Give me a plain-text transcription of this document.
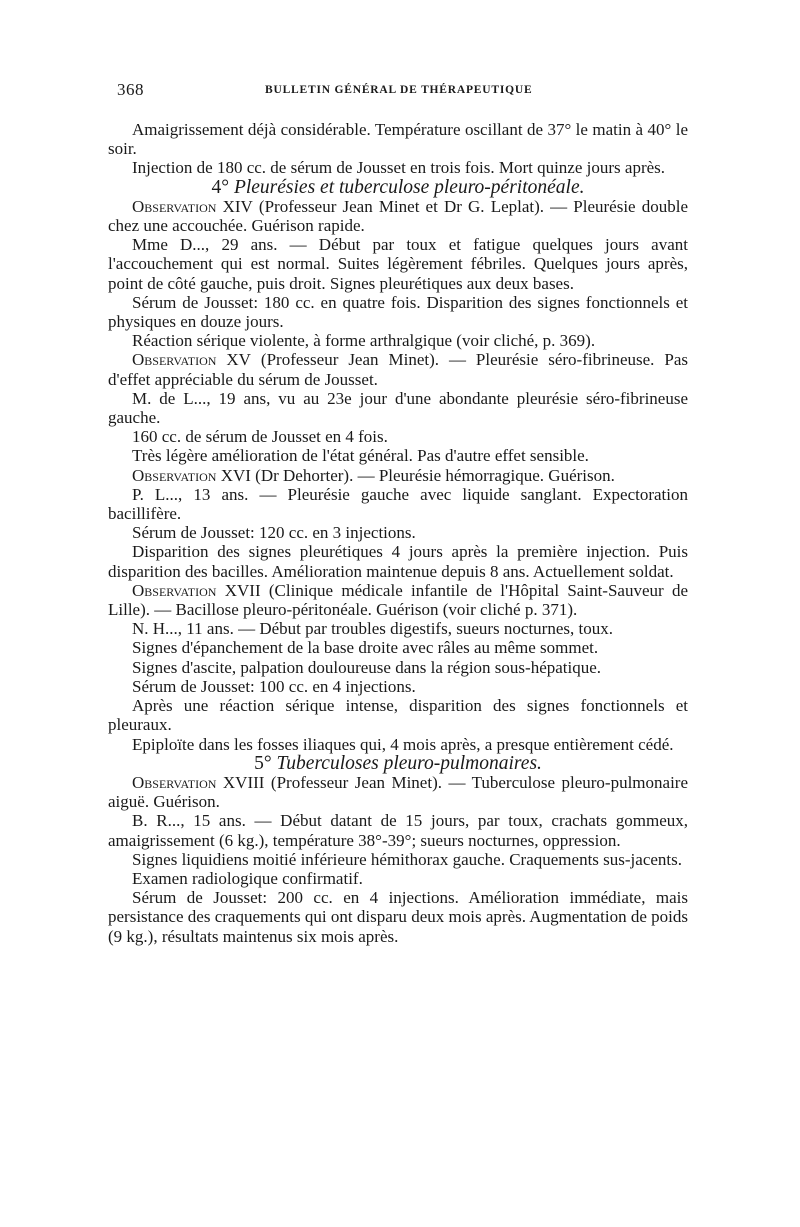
368	BULLETIN GÉNÉRAL DE THÉRAPEUTIQUE

Amaigrissement déjà considérable. Température oscillant de 37° le matin à 40° le soir.

Injection de 180 cc. de sérum de Jousset en trois fois. Mort quinze jours après.

4° Pleurésies et tuberculose pleuro-péritonéale.

Observation XIV (Professeur Jean Minet et Dr G. Leplat). — Pleurésie double chez une accouchée. Guérison rapide.

Mme D..., 29 ans. — Début par toux et fatigue quelques jours avant l'accouchement qui est normal. Suites légèrement fébriles. Quelques jours après, point de côté gauche, puis droit. Signes pleurétiques aux deux bases.

Sérum de Jousset: 180 cc. en quatre fois. Disparition des signes fonctionnels et physiques en douze jours.

Réaction sérique violente, à forme arthralgique (voir cliché, p. 369).

Observation XV (Professeur Jean Minet). — Pleurésie séro-fibrineuse. Pas d'effet appréciable du sérum de Jousset.

M. de L..., 19 ans, vu au 23e jour d'une abondante pleurésie séro-fibrineuse gauche.

160 cc. de sérum de Jousset en 4 fois.

Très légère amélioration de l'état général. Pas d'autre effet sensible.

Observation XVI (Dr Dehorter). — Pleurésie hémorragique. Guérison.

P. L..., 13 ans. — Pleurésie gauche avec liquide sanglant. Expectoration bacillifère.

Sérum de Jousset: 120 cc. en 3 injections.

Disparition des signes pleurétiques 4 jours après la première injection. Puis disparition des bacilles. Amélioration maintenue depuis 8 ans. Actuellement soldat.

Observation XVII (Clinique médicale infantile de l'Hôpital Saint-Sauveur de Lille). — Bacillose pleuro-péritonéale. Guérison (voir cliché p. 371).

N. H..., 11 ans. — Début par troubles digestifs, sueurs nocturnes, toux.

Signes d'épanchement de la base droite avec râles au même sommet.

Signes d'ascite, palpation douloureuse dans la région sous-hépatique.

Sérum de Jousset: 100 cc. en 4 injections.

Après une réaction sérique intense, disparition des signes fonctionnels et pleuraux.

Epiploïte dans les fosses iliaques qui, 4 mois après, a presque entièrement cédé.

5° Tuberculoses pleuro-pulmonaires.

Observation XVIII (Professeur Jean Minet). — Tuberculose pleuro-pulmonaire aiguë. Guérison.

B. R..., 15 ans. — Début datant de 15 jours, par toux, crachats gommeux, amaigrissement (6 kg.), température 38°-39°; sueurs nocturnes, oppression.

Signes liquidiens moitié inférieure hémithorax gauche. Craquements sus-jacents.

Examen radiologique confirmatif.

Sérum de Jousset: 200 cc. en 4 injections. Amélioration immédiate, mais persistance des craquements qui ont disparu deux mois après. Augmentation de poids (9 kg.), résultats maintenus six mois après.
